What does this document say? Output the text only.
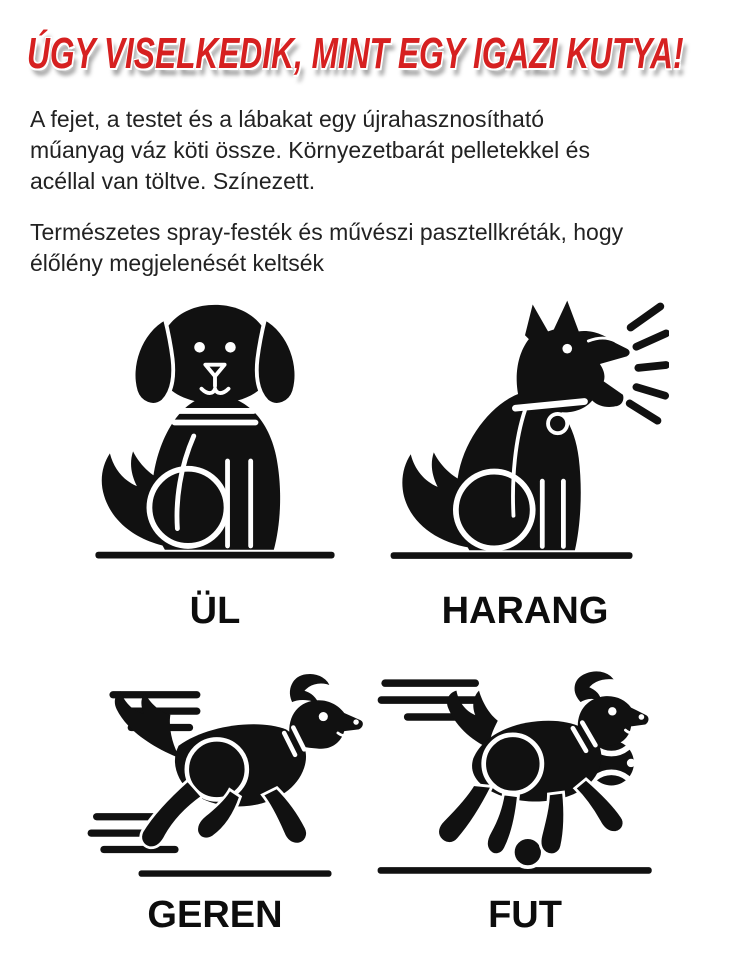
ÚGY VISELKEDIK, MINT EGY IGAZI KUTYA!

A fejet, a testet és a lábakat egy újrahasznosítható műanyag váz köti össze. Környezetbarát pelletekkel és acéllal van töltve. Színezett.

Természetes spray-festék és művészi pasztellkréták, hogy élőlény megjelenését keltsék

ÜL	HARANG
GEREN	FUT
